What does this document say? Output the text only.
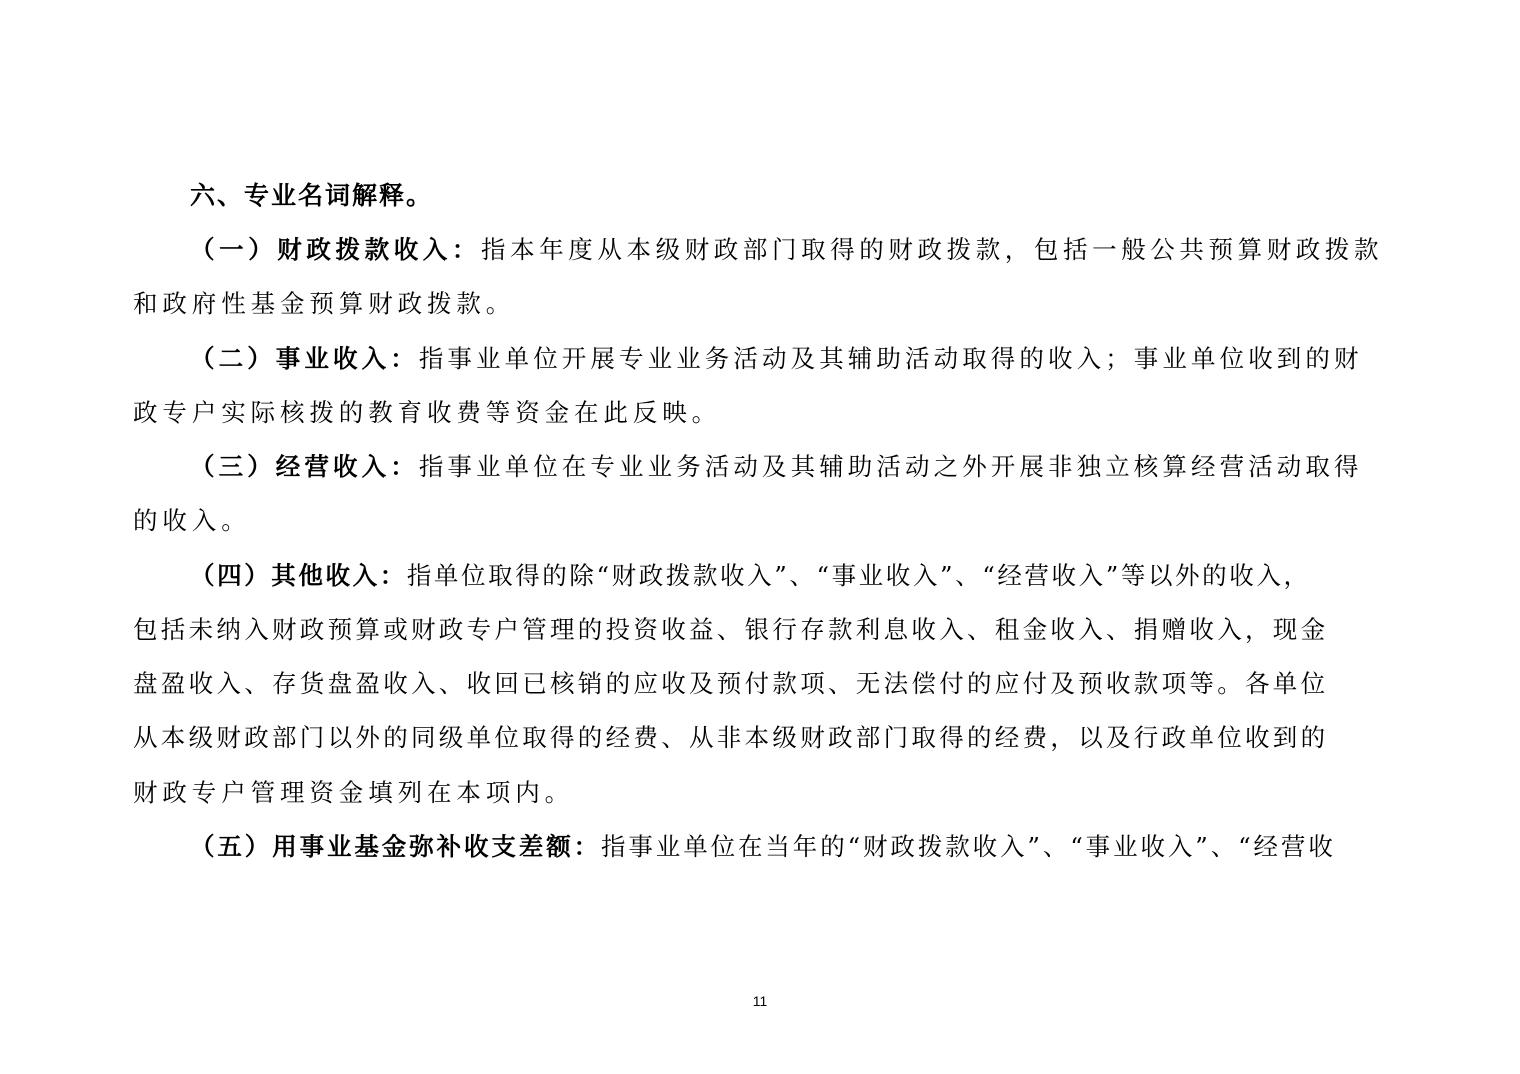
六、专业名词解释。
（一）财政拨款收入：指本年度从本级财政部门取得的财政拨款，包括一般公共预算财政拨款
和政府性基金预算财政拨款。
（二）事业收入：指事业单位开展专业业务活动及其辅助活动取得的收入；事业单位收到的财
政专户实际核拨的教育收费等资金在此反映。
（三）经营收入：指事业单位在专业业务活动及其辅助活动之外开展非独立核算经营活动取得
的收入。
（四）其他收入：指单位取得的除“财政拨款收入”、“事业收入”、“经营收入”等以外的收入，
包括未纳入财政预算或财政专户管理的投资收益、银行存款利息收入、租金收入、捐赠收入，现金
盘盈收入、存货盘盈收入、收回已核销的应收及预付款项、无法偿付的应付及预收款项等。各单位
从本级财政部门以外的同级单位取得的经费、从非本级财政部门取得的经费，以及行政单位收到的
财政专户管理资金填列在本项内。
（五）用事业基金弥补收支差额：指事业单位在当年的“财政拨款收入”、“事业收入”、“经营收
11
